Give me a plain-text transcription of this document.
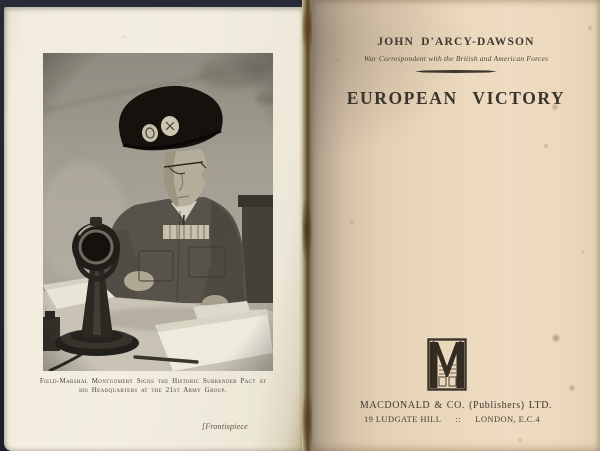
Field-Marshal Montgomery Signs the Historic Surrender Pact at
his Headquarters at the 21st Army Group.
[Frontispiece
JOHN D'ARCY-DAWSON
War Correspondent with the British and American Forces
EUROPEAN VICTORY
MACDONALD & CO. (Publishers) LTD.
19 LUDGATE HILL :: LONDON, E.C.4
